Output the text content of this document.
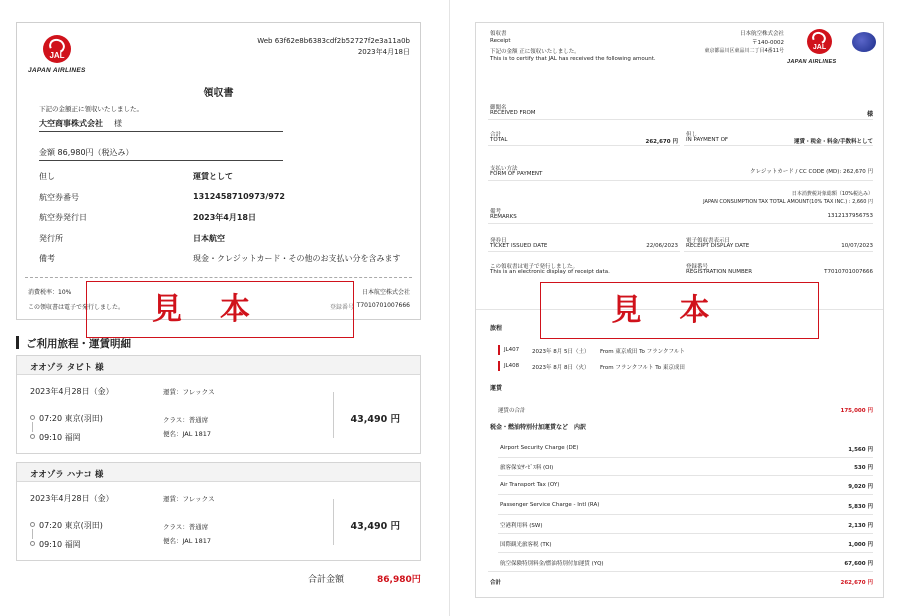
JAL
JAPAN AIRLINES
Web 63f62e8b6383cdf2b52727f2e3a11a0b
2023年4月18日
領収書
下記の金額正に領収いたしました。
大空商事株式会社 様
金額 86,980円（税込み）
但し	運賃として
航空券番号	1312458710973/972
航空券発行日	2023年4月18日
発行所	日本航空
備考	現金・クレジットカード・その他のお支払い分を含みます
消費税率：10%	日本航空株式会社
この領収書は電子で発行しました。	登録番号 T7010701007666
見本
ご利用旅程・運賃明細
オオゾラ タビト 様
2023年4月28日（金）	運賃：フレックス
07:20 東京(羽田)
09:10 福岡
クラス：普通席
便名：JAL 1817
43,490 円
オオゾラ ハナコ 様
2023年4月28日（金）	運賃：フレックス
07:20 東京(羽田)
09:10 福岡
クラス：普通席
便名：JAL 1817
43,490 円
合計金額	86,980円
領収書
Receipt
下記の金額 正に領収いたしました。
This is to certify that JAL has received the following amount.
日本航空株式会社
〒140-0002
東京都品川区東品川二丁目4番11号	JAL
JAPAN AIRLINES
御聞名
RECEIVED FROM	様
合計
TOTAL	262,670 円
但し
IN PAYMENT OF	運賃・税金・料金/手数料として
支払い方法
FORM OF PAYMENT	クレジットカード / CC CODE (MD): 262,670 円
日本消費税対象総額（10%税込み）
JAPAN CONSUMPTION TAX TOTAL AMOUNT(10% TAX INC.) : 2,660 円
備考
REMARKS	1312137956753
発券日
TICKET ISSUED DATE	22/06/2023
電子領収書表示日
RECEIPT DISPLAY DATE	10/07/2023
この領収書は電子で発行しました。
This is an electronic display of receipt data.
登録番号
REGISTRATION NUMBER	T7010701007666
旅程
JL407 2023年 8月 5日（土） From 東京成田 To フランクフルト
JL408 2023年 8月 8日（火） From フランクフルト To 東京成田
運賃
運賃の合計	175,000 円
税金・燃油特別付加運賃など　内訳
Airport Security Charge (DE)	1,560 円
旅客保安ｻｰﾋﾞｽ料 (OI)	530 円
Air Transport Tax (OY)	9,020 円
Passenger Service Charge - Intl (RA)	5,830 円
空港利用料 (SW)	2,130 円
国際観光旅客税 (TK)	1,000 円
航空保険特別料金/燃油特別付加運賃 (YQ)	67,600 円
合計	262,670 円
見本
